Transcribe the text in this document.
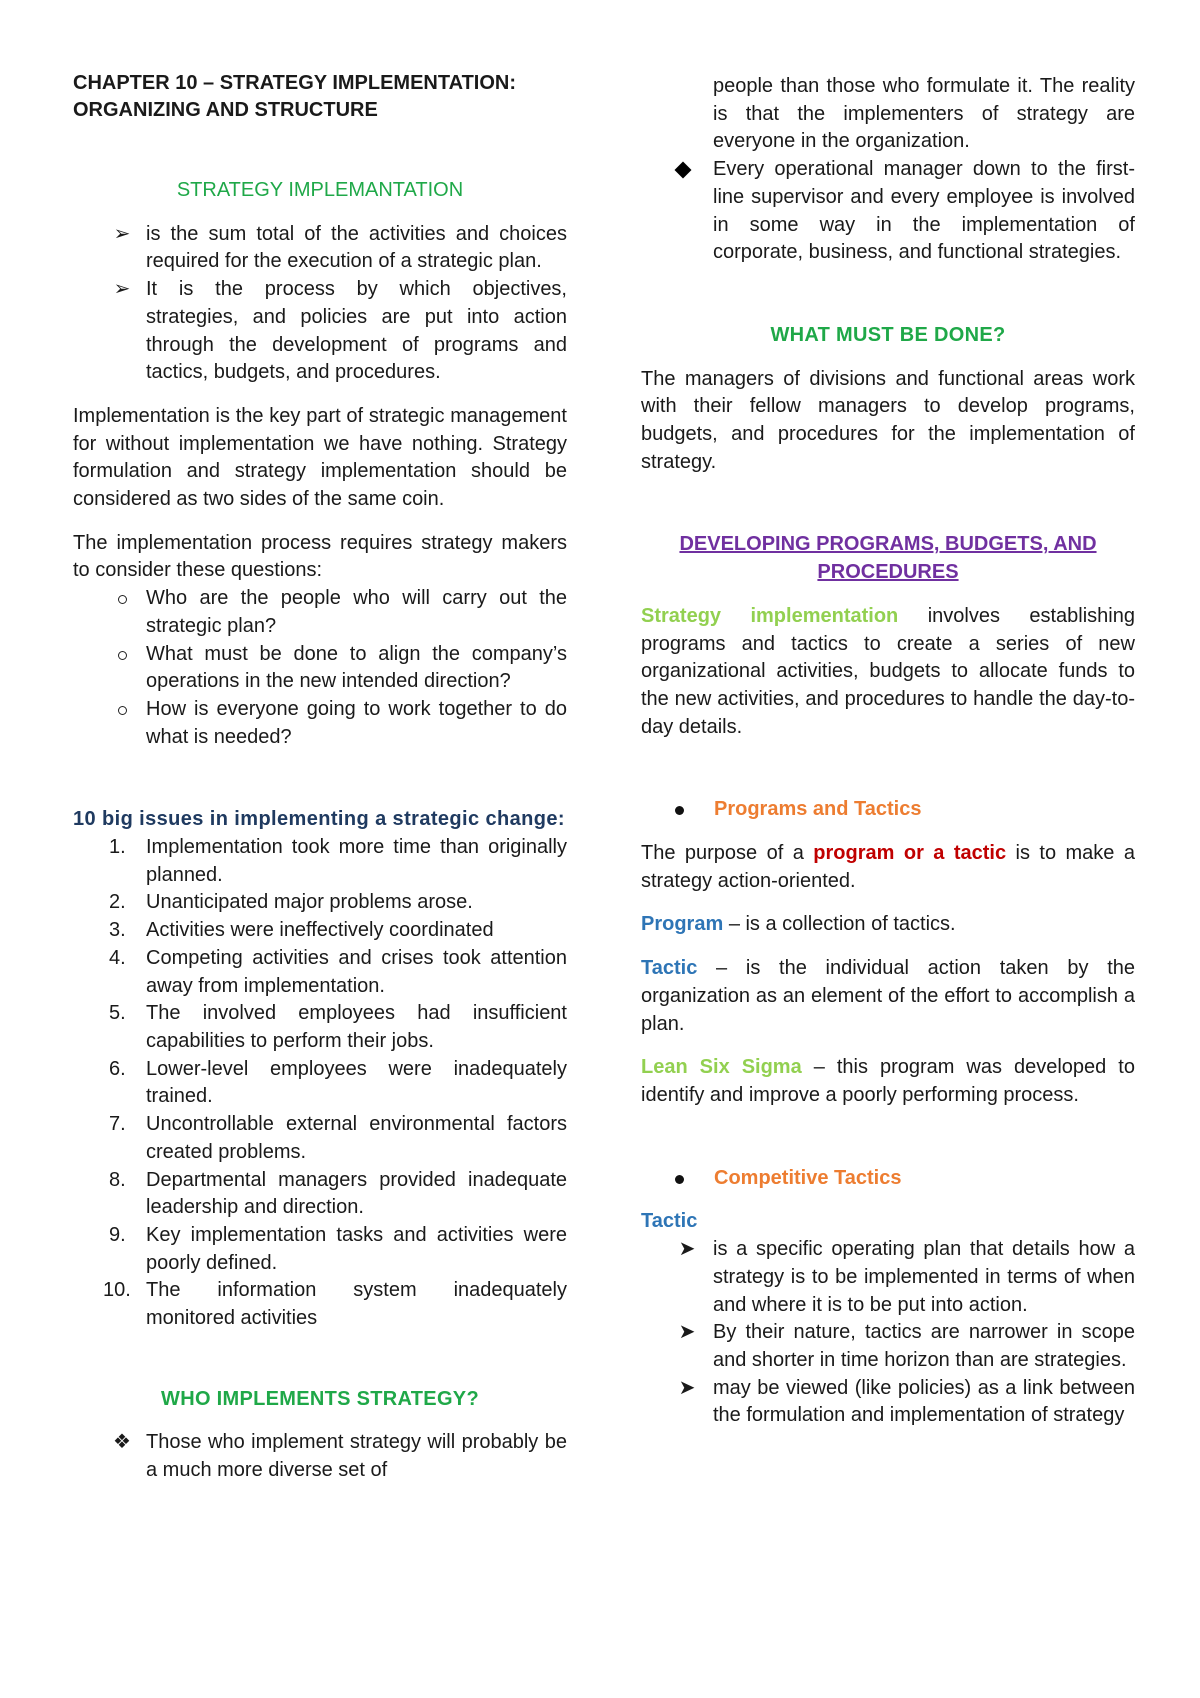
CHAPTER 10 – STRATEGY IMPLEMENTATION:
ORGANIZING AND STRUCTURE

STRATEGY IMPLEMANTATION

➢ is the sum total of the activities and choices required for the execution of a strategic plan.
➢ It is the process by which objectives, strategies, and policies are put into action through the development of programs and tactics, budgets, and procedures.

Implementation is the key part of strategic management for without implementation we have nothing. Strategy formulation and strategy implementation should be considered as two sides of the same coin.

The implementation process requires strategy makers to consider these questions:

Who are the people who will carry out the strategic plan?
What must be done to align the company’s operations in the new intended direction?
How is everyone going to work together to do what is needed?

10 big issues in implementing a strategic change:

1. Implementation took more time than originally planned.
2. Unanticipated major problems arose.
3. Activities were ineffectively coordinated
4. Competing activities and crises took attention away from implementation.
5. The involved employees had insufficient capabilities to perform their jobs.
6. Lower-level employees were inadequately trained.
7. Uncontrollable external environmental factors created problems.
8. Departmental managers provided inadequate leadership and direction.
9. Key implementation tasks and activities were poorly defined.
10. The information system inadequately monitored activities

WHO IMPLEMENTS STRATEGY?

❖ Those who implement strategy will probably be a much more diverse set of
people than those who formulate it. The reality is that the implementers of strategy are everyone in the organization.
Every operational manager down to the first-line supervisor and every employee is involved in some way in the implementation of corporate, business, and functional strategies.

WHAT MUST BE DONE?

The managers of divisions and functional areas work with their fellow managers to develop programs, budgets, and procedures for the implementation of strategy.

DEVELOPING PROGRAMS, BUDGETS, AND PROCEDURES

Strategy implementation involves establishing programs and tactics to create a series of new organizational activities, budgets to allocate funds to the new activities, and procedures to handle the day-to-day details.

Programs and Tactics

The purpose of a program or a tactic is to make a strategy action-oriented.

Program – is a collection of tactics.

Tactic – is the individual action taken by the organization as an element of the effort to accomplish a plan.

Lean Six Sigma – this program was developed to identify and improve a poorly performing process.

Competitive Tactics

Tactic

➤ is a specific operating plan that details how a strategy is to be implemented in terms of when and where it is to be put into action.
➤ By their nature, tactics are narrower in scope and shorter in time horizon than are strategies.
➤ may be viewed (like policies) as a link between the formulation and implementation of strategy
